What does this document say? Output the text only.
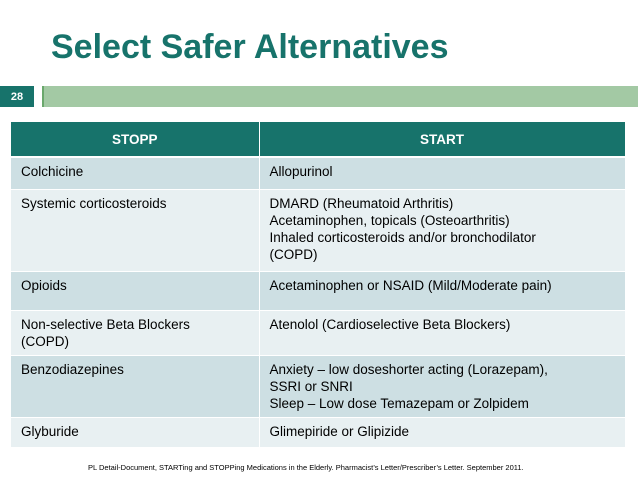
Select Safer Alternatives
28
STOPP	START

Colchicine	Allopurinol

Systemic corticosteroids	DMARD (Rheumatoid Arthritis)
Acetaminophen, topicals (Osteoarthritis)
Inhaled corticosteroids and/or bronchodilator
(COPD)

Opioids	Acetaminophen or NSAID (Mild/Moderate pain)

Non-selective Beta Blockers
(COPD)	Atenolol (Cardioselective Beta Blockers)

Benzodiazepines	Anxiety – low doseshorter acting (Lorazepam),
SSRI or SNRI
Sleep – Low dose Temazepam or Zolpidem

Glyburide	Glimepiride or Glipizide
PL Detail-Document, STARTing and STOPPing Medications in the Elderly. Pharmacist’s Letter/Prescriber’s Letter. September 2011.
